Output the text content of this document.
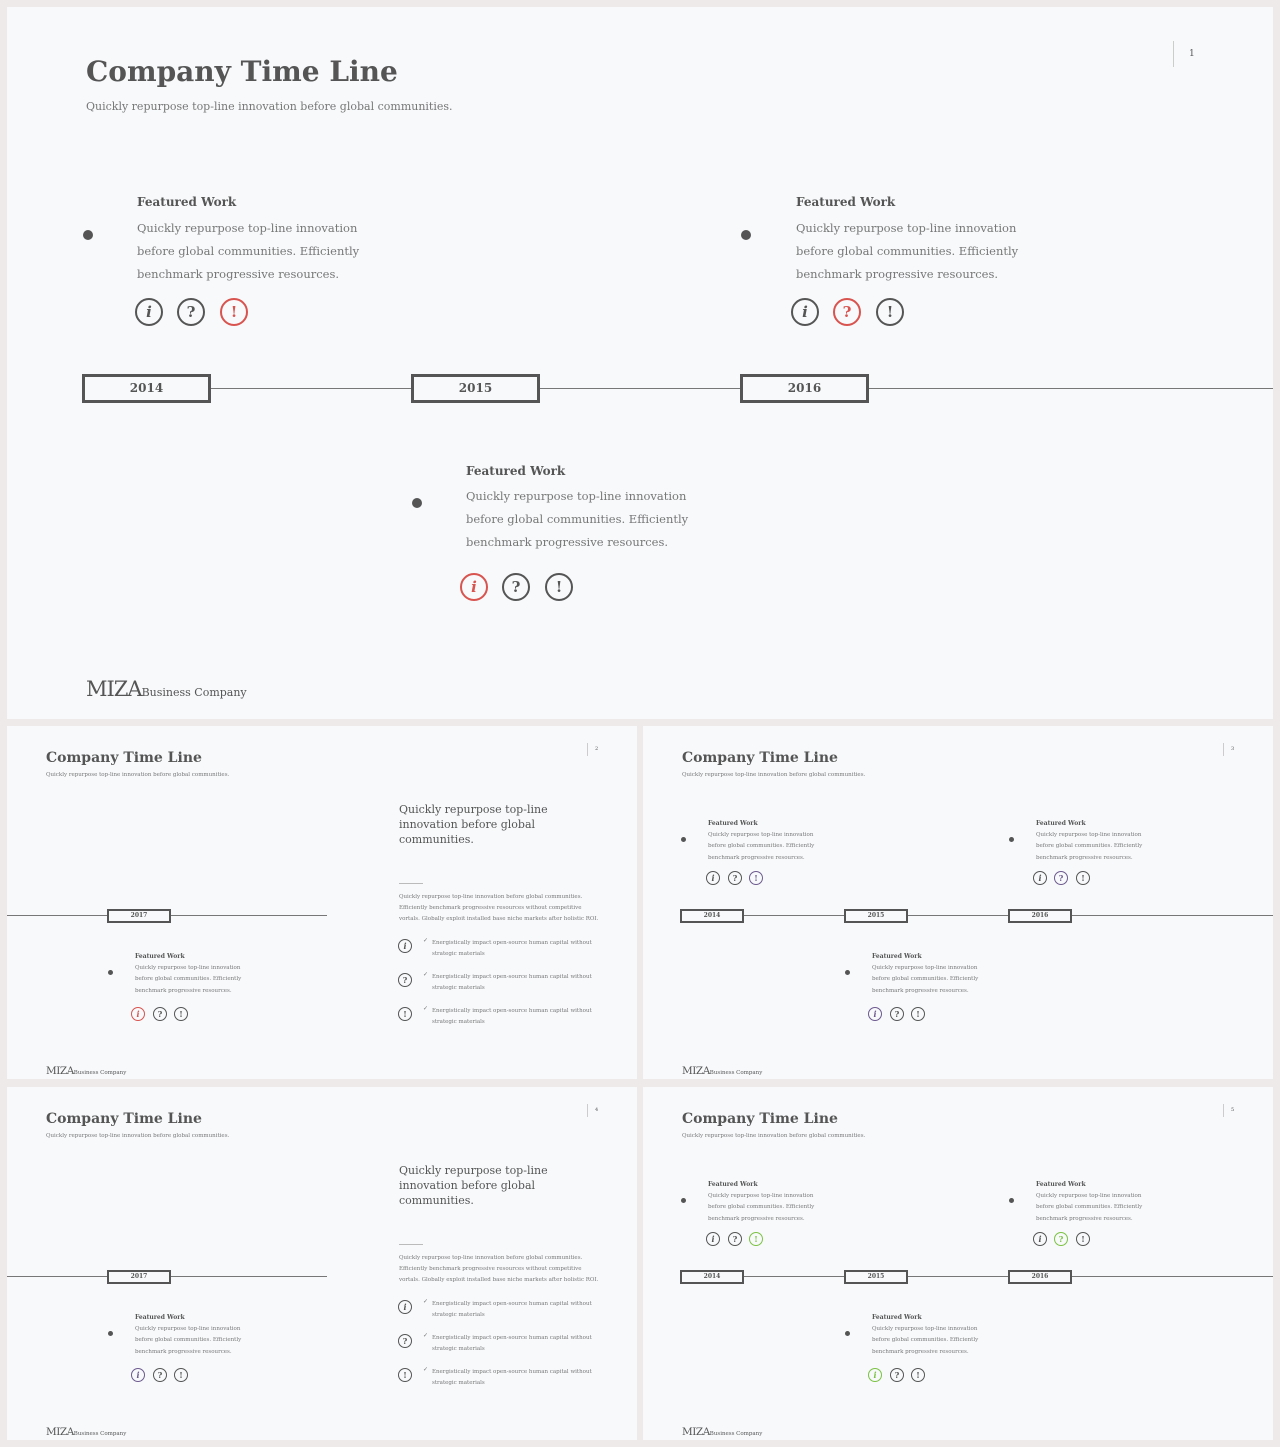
Company Time Line
Quickly repurpose top-line innovation before global communities.
1
Featured Work
Quickly repurpose top-line innovation before global communities. Efficiently benchmark progressive resources.
i	?	!
Featured Work
Quickly repurpose top-line innovation before global communities. Efficiently benchmark progressive resources.
i	?	!
2014	2015	2016
Featured Work
Quickly repurpose top-line innovation before global communities. Efficiently benchmark progressive resources.
i	?	!
MIZABusiness Company
Company Time Line
Quickly repurpose top-line innovation before global communities.
2
2017
Featured Work
Quickly repurpose top-line innovation before global communities. Efficiently benchmark progressive resources.
i	?	!
Quickly repurpose top-line innovation before global communities.
Quickly repurpose top-line innovation before global communities. Efficiently benchmark progressive resources without competitive vortals. Globally exploit installed base niche markets after holistic ROI.
i
✓ Energistically impact open-source human capital without strategic materials
?
✓ Energistically impact open-source human capital without strategic materials
!
✓ Energistically impact open-source human capital without strategic materials
MIZABusiness Company
Company Time Line
Quickly repurpose top-line innovation before global communities.
3
Featured Work
Quickly repurpose top-line innovation before global communities. Efficiently benchmark progressive resources.
i	?	!
Featured Work
Quickly repurpose top-line innovation before global communities. Efficiently benchmark progressive resources.
i	?	!
2014	2015	2016
Featured Work
Quickly repurpose top-line innovation before global communities. Efficiently benchmark progressive resources.
i	?	!
MIZABusiness Company
Company Time Line
Quickly repurpose top-line innovation before global communities.
4
2017
Featured Work
Quickly repurpose top-line innovation before global communities. Efficiently benchmark progressive resources.
i	?	!
Quickly repurpose top-line innovation before global communities.
Quickly repurpose top-line innovation before global communities. Efficiently benchmark progressive resources without competitive vortals. Globally exploit installed base niche markets after holistic ROI.
i
✓ Energistically impact open-source human capital without strategic materials
?
✓ Energistically impact open-source human capital without strategic materials
!
✓ Energistically impact open-source human capital without strategic materials
MIZABusiness Company
Company Time Line
Quickly repurpose top-line innovation before global communities.
5
Featured Work
Quickly repurpose top-line innovation before global communities. Efficiently benchmark progressive resources.
i	?	!
Featured Work
Quickly repurpose top-line innovation before global communities. Efficiently benchmark progressive resources.
i	?	!
2014	2015	2016
Featured Work
Quickly repurpose top-line innovation before global communities. Efficiently benchmark progressive resources.
i	?	!
MIZABusiness Company
